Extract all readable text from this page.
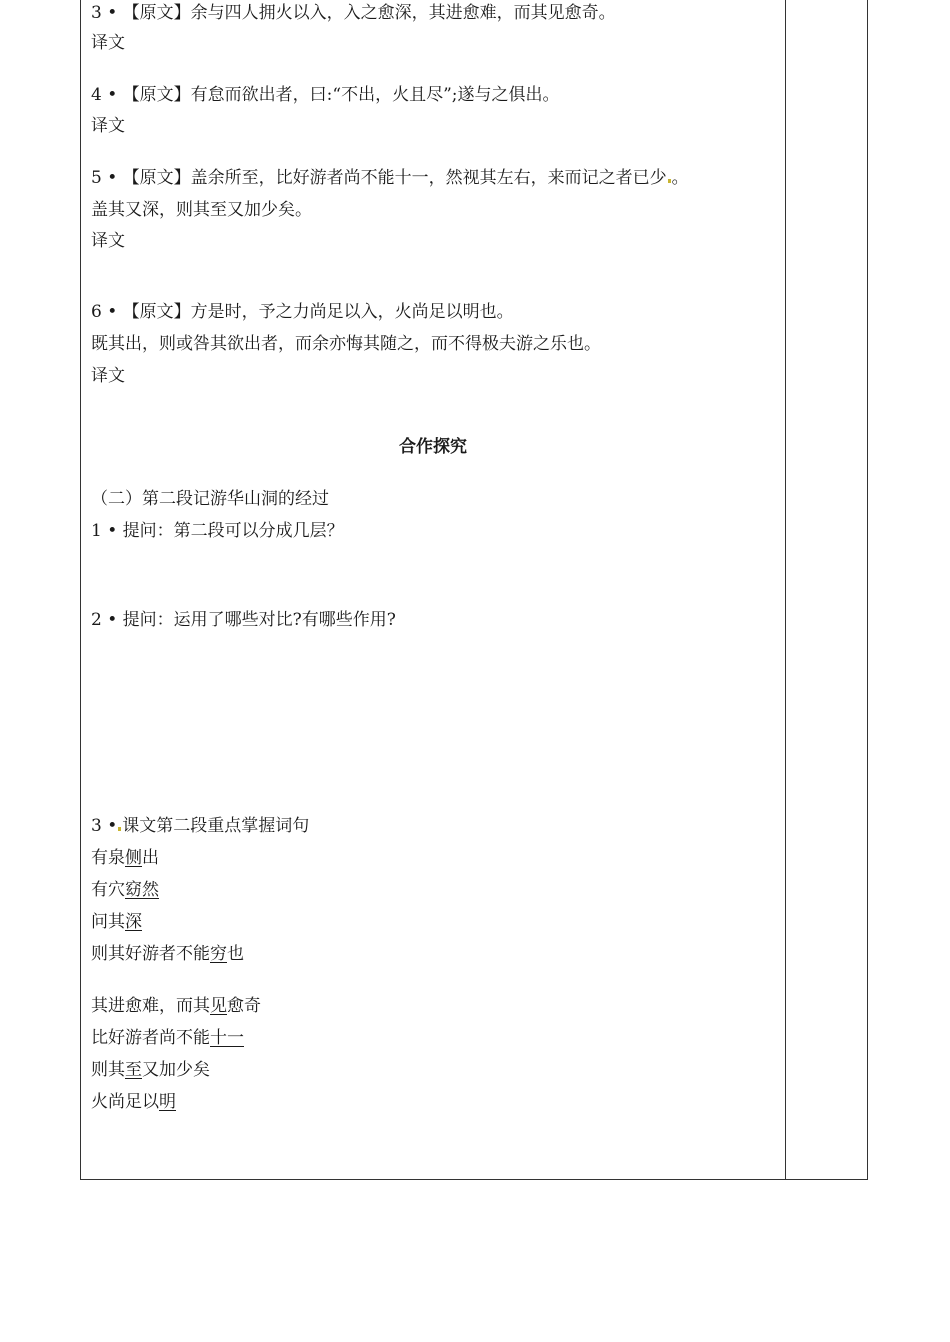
3 • 【原文】余与四人拥火以入，入之愈深，其进愈难，而其见愈奇。
译文
4 • 【原文】有怠而欲出者，曰:“不出，火且尽”;遂与之俱出。
译文
5 • 【原文】盖余所至，比好游者尚不能十一，然视其左右，来而记之者已少 。
盖其又深，则其至又加少矣。
译文
6 • 【原文】方是时，予之力尚足以入，火尚足以明也。
既其出，则或咎其欲出者，而余亦悔其随之，而不得极夫游之乐也。
译文
合作探究
（二）第二段记游华山洞的经过
1 • 提问：第二段可以分成几层？
2 • 提问：运用了哪些对比?有哪些作用?
3 • 课文第二段重点掌握词句
有泉侧出
有穴窈然
问其深
则其好游者不能穷也
其进愈难，而其见愈奇
比好游者尚不能十一
则其至又加少矣
火尚足以明
